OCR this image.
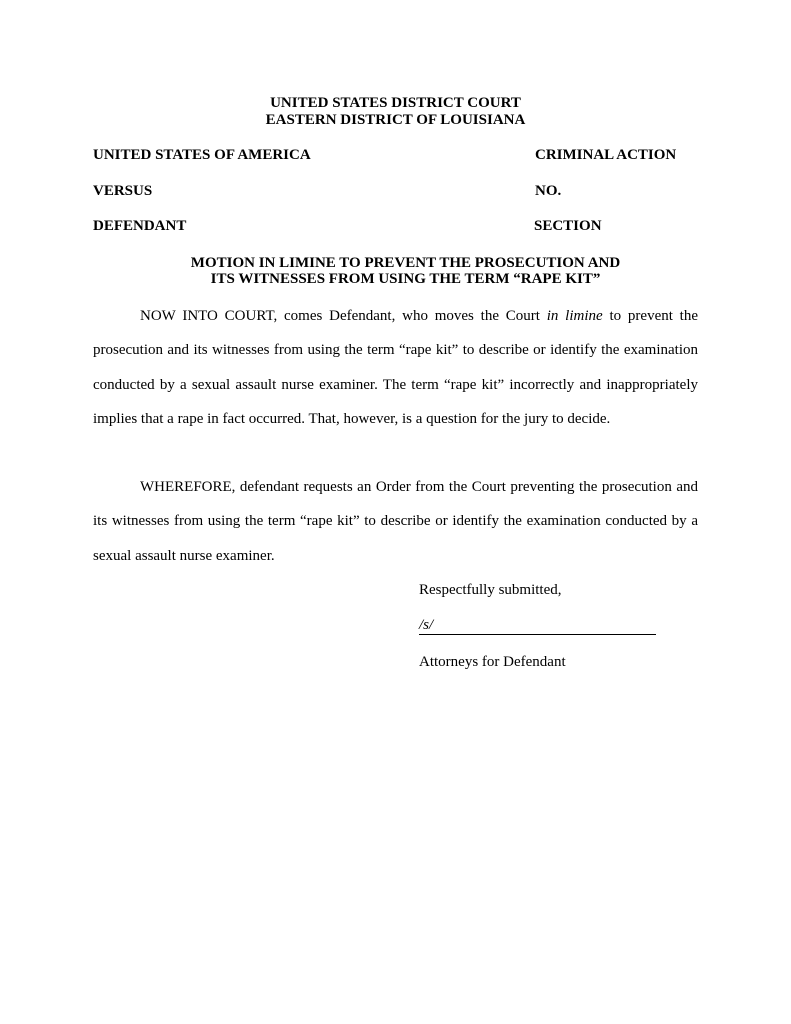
UNITED STATES DISTRICT COURT
EASTERN DISTRICT OF LOUISIANA
UNITED STATES OF AMERICA	CRIMINAL ACTION
VERSUS	NO.
DEFENDANT	SECTION
MOTION IN LIMINE TO PREVENT THE PROSECUTION AND
ITS WITNESSES FROM USING THE TERM “RAPE KIT”

NOW INTO COURT, comes Defendant, who moves the Court in limine to prevent the prosecution and its witnesses from using the term “rape kit” to describe or identify the examination conducted by a sexual assault nurse examiner. The term “rape kit” incorrectly and inappropriately implies that a rape in fact occurred. That, however, is a question for the jury to decide.

WHEREFORE, defendant requests an Order from the Court preventing the prosecution and its witnesses from using the term “rape kit” to describe or identify the examination conducted by a sexual assault nurse examiner.

Respectfully submitted,
/s/
Attorneys for Defendant
